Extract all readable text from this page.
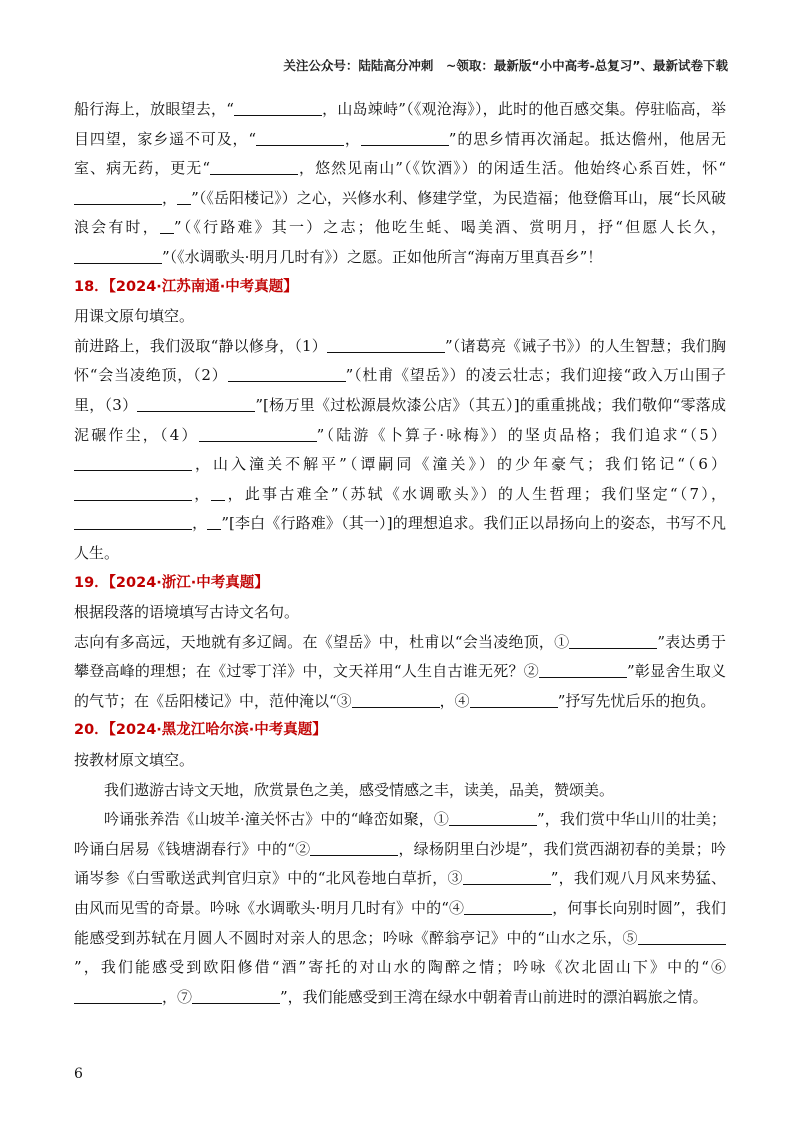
关注公众号：陆陆高分冲刺　~领取：最新版“小中高考-总复习”、最新试卷下载
船行海上，放眼望去，“	，山岛竦峙”（《观沧海》），此时的他百感交集。停驻临高，举目四望，家乡遥不可及，“	，	”的思乡情再次涌起。抵达儋州，他居无室、病无药，更无“	，悠然见南山”（《饮酒》）的闲适生活。他始终心系百姓，怀“， ”（《岳阳楼记》）之心，兴修水利、修建学堂，为民造福；他登儋耳山，展“长风破浪会有时， ”（《行路难》其一）之志；他吃生蚝、喝美酒、赏明月，抒“但愿人长久，”（《水调歌头·明月几时有》）之愿。正如他所言“海南万里真吾乡”！
18．【2024·江苏南通·中考真题】
用课文原句填空。
前进路上，我们汲取“静以修身，（1）	”（诸葛亮《诫子书》）的人生智慧；我们胸怀“会当凌绝顶，（2）	”（杜甫《望岳》）的凌云壮志；我们迎接“政入万山围子里，（3）	”[杨万里《过松源晨炊漆公店》（其五）]的重重挑战；我们敬仰“零落成泥碾作尘，（4）	”（陆游《卜算子·咏梅》）的坚贞品格；我们追求“（5），山入潼关不解平”（谭嗣同《潼关》）的少年豪气；我们铭记“（6）， ，此事古难全”（苏轼《水调歌头》）的人生哲理；我们坚定“（7），， ”[李白《行路难》（其一）]的理想追求。我们正以昂扬向上的姿态，书写不凡人生。
19．【2024·浙江·中考真题】
根据段落的语境填写古诗文名句。
志向有多高远，天地就有多辽阔。在《望岳》中，杜甫以“会当凌绝顶，①	”表达勇于攀登高峰的理想；在《过零丁洋》中，文天祥用“人生自古谁无死？②	”彰显舍生取义的气节；在《岳阳楼记》中，范仲淹以“③	，④	”抒写先忧后乐的抱负。
20．【2024·黑龙江哈尔滨·中考真题】
按教材原文填空。
我们遨游古诗文天地，欣赏景色之美，感受情感之丰，读美，品美，赞颂美。
吟诵张养浩《山坡羊·潼关怀古》中的“峰峦如聚，①	”，我们赏中华山川的壮美；吟诵白居易《钱塘湖春行》中的“②	，绿杨阴里白沙堤”，我们赏西湖初春的美景；吟诵岑参《白雪歌送武判官归京》中的“北风卷地白草折，③	”，我们观八月风来势猛、由风而见雪的奇景。吟咏《水调歌头·明月几时有》中的“④	，何事长向别时圆”，我们能感受到苏轼在月圆人不圆时对亲人的思念；吟咏《醉翁亭记》中的“山水之乐，⑤”，我们能感受到欧阳修借“酒”寄托的对山水的陶醉之情；吟咏《次北固山下》中的“⑥，⑦	”，我们能感受到王湾在绿水中朝着青山前进时的漂泊羁旅之情。
6
